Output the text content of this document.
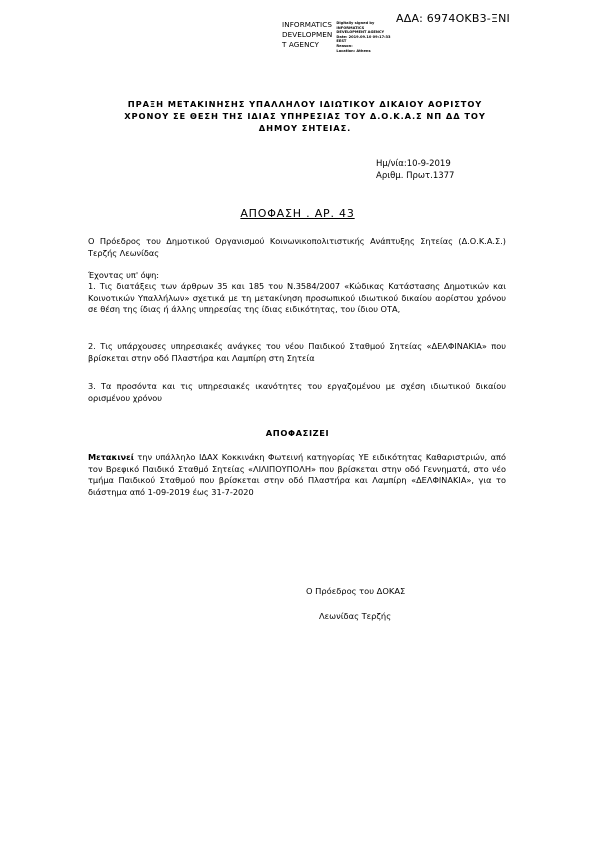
ΑΔΑ: 6974ΟΚΒ3-ΞΝΙ
INFORMATICS
DEVELOPMEN
T AGENCY
Digitally signed by
INFORMATICS
DEVELOPMENT AGENCY
Date: 2019.09.10 09:17:33
EEST
Reason:
Location: Athens
ΠΡΑΞΗ ΜΕΤΑΚΙΝΗΣΗΣ ΥΠΑΛΛΗΛΟΥ ΙΔΙΩΤΙΚΟΥ ΔΙΚΑΙΟΥ ΑΟΡΙΣΤΟΥ
ΧΡΟΝΟΥ ΣΕ ΘΕΣΗ ΤΗΣ ΙΔΙΑΣ ΥΠΗΡΕΣΙΑΣ ΤΟΥ Δ.Ο.Κ.Α.Σ ΝΠ ΔΔ ΤΟΥ
ΔΗΜΟΥ ΣΗΤΕΙΑΣ.
Ημ/νία:10-9-2019
Αριθμ. Πρωτ.1377
ΑΠΟΦΑΣΗ . ΑΡ. 43
Ο Πρόεδρος του Δημοτικού Οργανισμού Κοινωνικοπολιτιστικής Ανάπτυξης Σητείας (Δ.Ο.Κ.Α.Σ.) Τερζής Λεωνίδας
Έχοντας υπ' όψη:
1. Τις διατάξεις των άρθρων 35 και 185 του Ν.3584/2007 «Κώδικας Κατάστασης Δημοτικών και Κοινοτικών Υπαλλήλων» σχετικά με τη μετακίνηση προσωπικού ιδιωτικού δικαίου αορίστου χρόνου σε θέση της ίδιας ή άλλης υπηρεσίας της ίδιας ειδικότητας, του ίδιου ΟΤΑ,
2. Τις υπάρχουσες υπηρεσιακές ανάγκες του νέου Παιδικού Σταθμού Σητείας «ΔΕΛΦΙΝΑΚΙΑ» που βρίσκεται στην οδό Πλαστήρα και Λαμπίρη στη Σητεία
3. Τα προσόντα και τις υπηρεσιακές ικανότητες του εργαζομένου με σχέση ιδιωτικού δικαίου ορισμένου χρόνου
ΑΠΟΦΑΣΙΖΕΙ
Μετακινεί την υπάλληλο ΙΔΑΧ Κοκκινάκη Φωτεινή κατηγορίας ΥΕ ειδικότητας Καθαριστριών, από τον Βρεφικό Παιδικό Σταθμό Σητείας «ΛΙΛΙΠΟΥΠΟΛΗ» που βρίσκεται στην οδό Γεννηματά, στο νέο τμήμα Παιδικού Σταθμού που βρίσκεται στην οδό Πλαστήρα και Λαμπίρη «ΔΕΛΦΙΝΑΚΙΑ», για το διάστημα από 1-09-2019 έως 31-7-2020
Ο Πρόεδρος του ΔΟΚΑΣ
Λεωνίδας Τερζής
